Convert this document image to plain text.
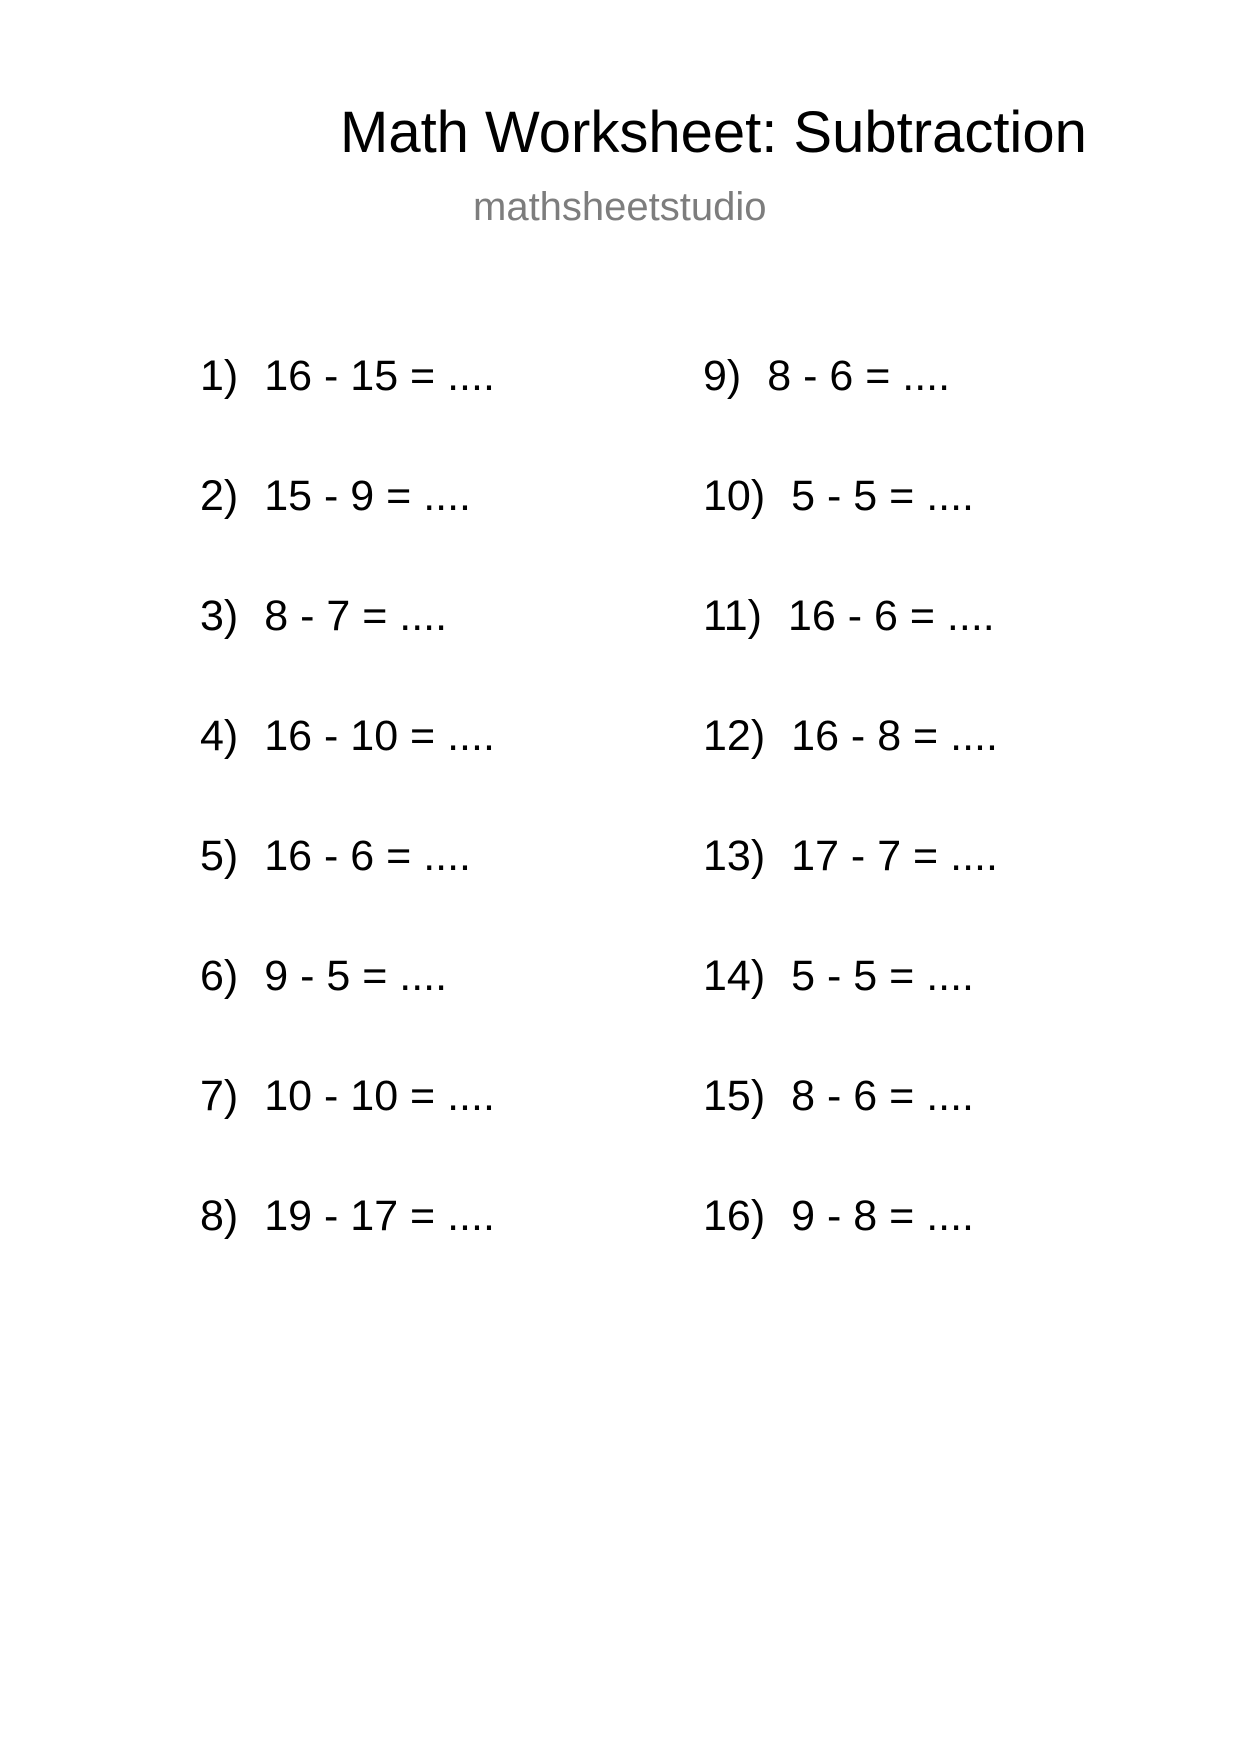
Math Worksheet: Subtraction
mathsheetstudio
1) 16 - 15 = ....
2) 15 - 9 = ....
3) 8 - 7 = ....
4) 16 - 10 = ....
5) 16 - 6 = ....
6) 9 - 5 = ....
7) 10 - 10 = ....
8) 19 - 17 = ....
9) 8 - 6 = ....
10) 5 - 5 = ....
11) 16 - 6 = ....
12) 16 - 8 = ....
13) 17 - 7 = ....
14) 5 - 5 = ....
15) 8 - 6 = ....
16) 9 - 8 = ....
